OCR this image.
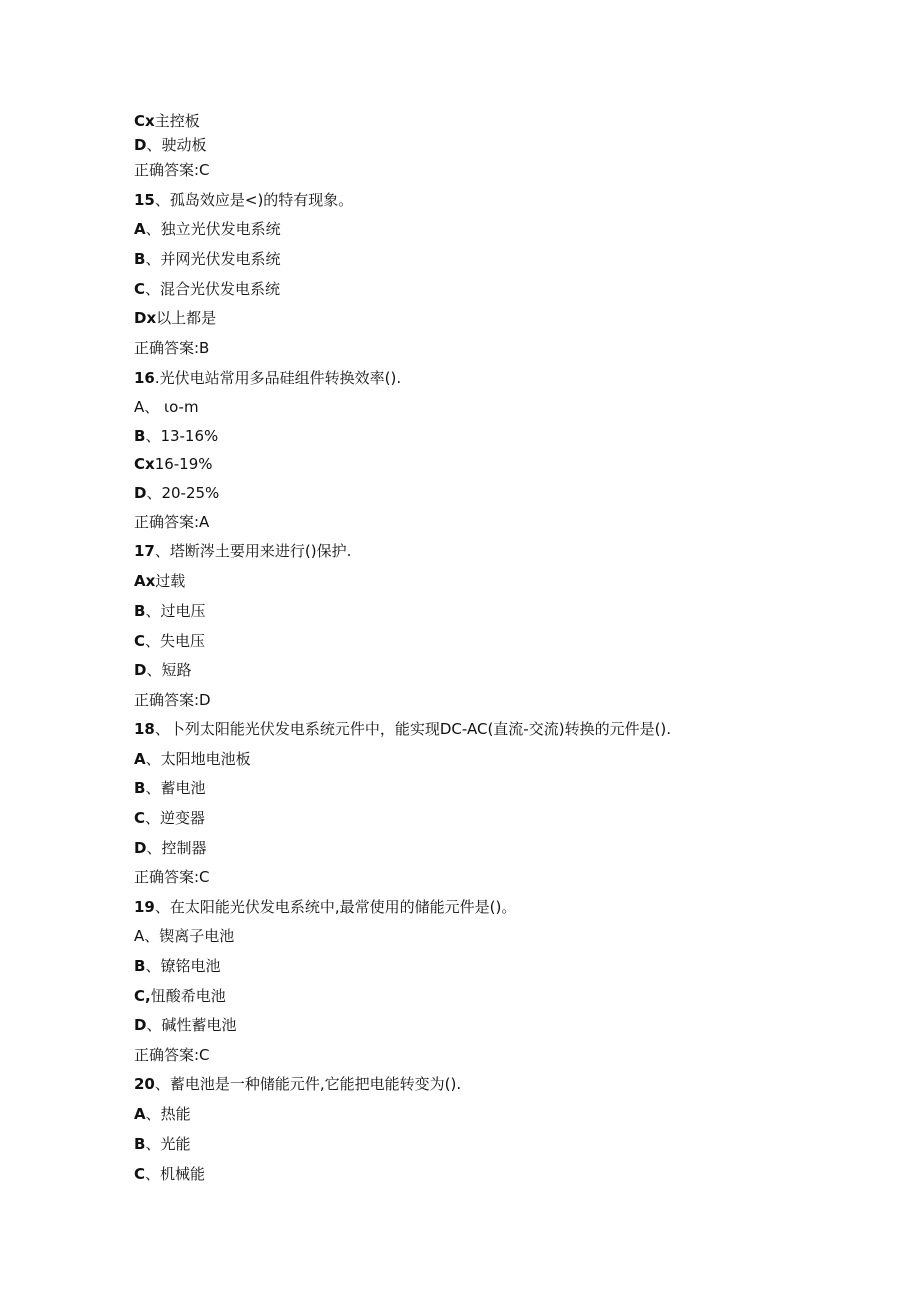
Cx主控板
D、驶动板
正确答案:C
15、孤岛效应是<)的特有现象。
A、独立光伏发电系统
B、并网光伏发电系统
C、混合光伏发电系统
Dx以上都是
正确答案:B
16.光伏电站常用多品硅组件转换效率().
A、 ιo-m
B、13-16%
Cx16-19%
D、20-25%
正确答案:A
17、塔断涔土要用来进行()保护.
Ax过载
B、过电压
C、失电压
D、短路
正确答案:D
18、卜列太阳能光伏发电系统元件中，能实现DC-AC(直流-交流)转换的元件是().
A、太阳地电池板
B、蓄电池
C、逆变器
D、控制器
正确答案:C
19、在太阳能光伏发电系统中,最常使用的储能元件是()。
A、锲离子电池
B、镣铭电池
C,忸酸希电池
D、碱性蓄电池
正确答案:C
20、蓄电池是一种储能元件,它能把电能转变为().
A、热能
B、光能
C、机械能
